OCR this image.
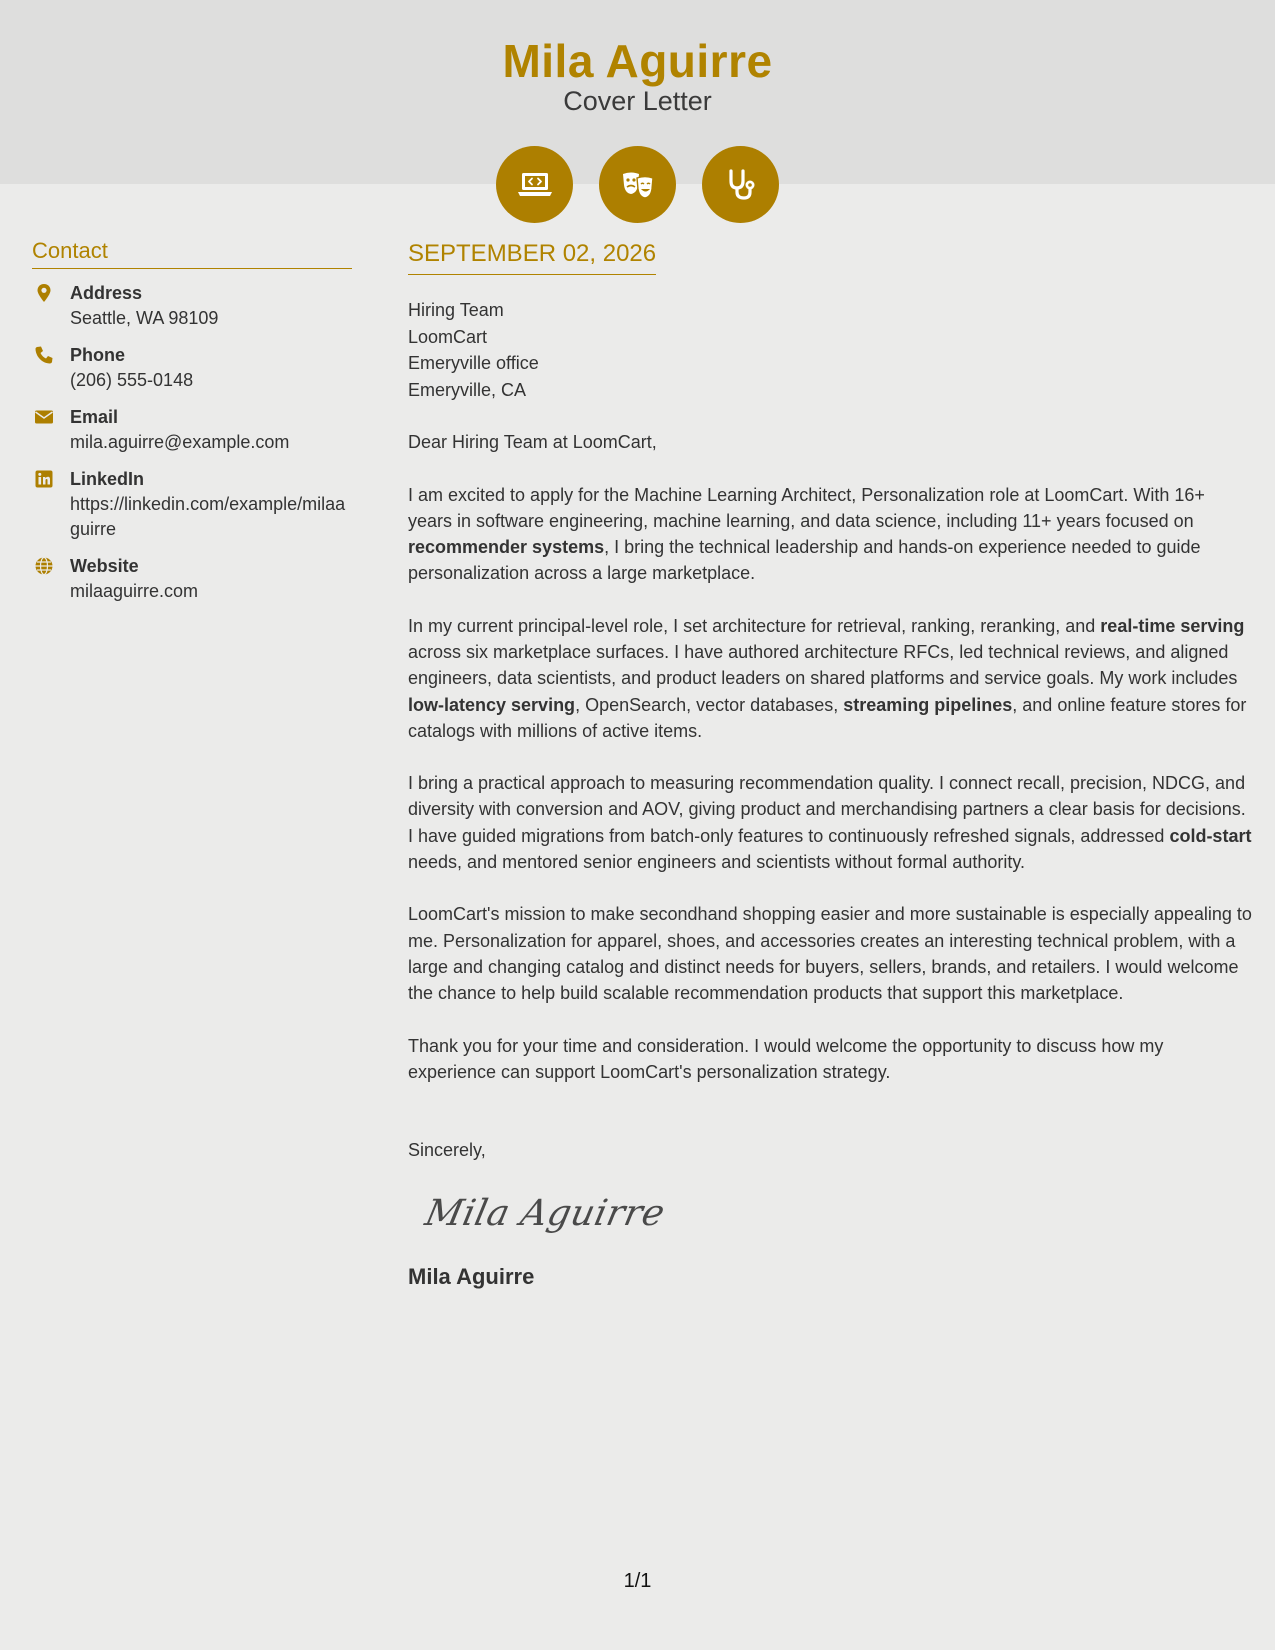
Mila Aguirre
Cover Letter
Contact
Address
Seattle, WA 98109
Phone
(206) 555-0148
Email
mila.aguirre@example.com
LinkedIn
https://linkedin.com/example/milaaguirre
Website
milaaguirre.com
SEPTEMBER 02, 2026
Hiring Team
LoomCart
Emeryville office
Emeryville, CA
Dear Hiring Team at LoomCart,
I am excited to apply for the Machine Learning Architect, Personalization role at LoomCart. With 16+ years in software engineering, machine learning, and data science, including 11+ years focused on recommender systems, I bring the technical leadership and hands-on experience needed to guide personalization across a large marketplace.
In my current principal-level role, I set architecture for retrieval, ranking, reranking, and real-time serving across six marketplace surfaces. I have authored architecture RFCs, led technical reviews, and aligned engineers, data scientists, and product leaders on shared platforms and service goals. My work includes low-latency serving, OpenSearch, vector databases, streaming pipelines, and online feature stores for catalogs with millions of active items.
I bring a practical approach to measuring recommendation quality. I connect recall, precision, NDCG, and diversity with conversion and AOV, giving product and merchandising partners a clear basis for decisions. I have guided migrations from batch-only features to continuously refreshed signals, addressed cold-start needs, and mentored senior engineers and scientists without formal authority.
LoomCart's mission to make secondhand shopping easier and more sustainable is especially appealing to me. Personalization for apparel, shoes, and accessories creates an interesting technical problem, with a large and changing catalog and distinct needs for buyers, sellers, brands, and retailers. I would welcome the chance to help build scalable recommendation products that support this marketplace.
Thank you for your time and consideration. I would welcome the opportunity to discuss how my experience can support LoomCart's personalization strategy.
Sincerely,
Mila Aguirre
Mila Aguirre
1/1
